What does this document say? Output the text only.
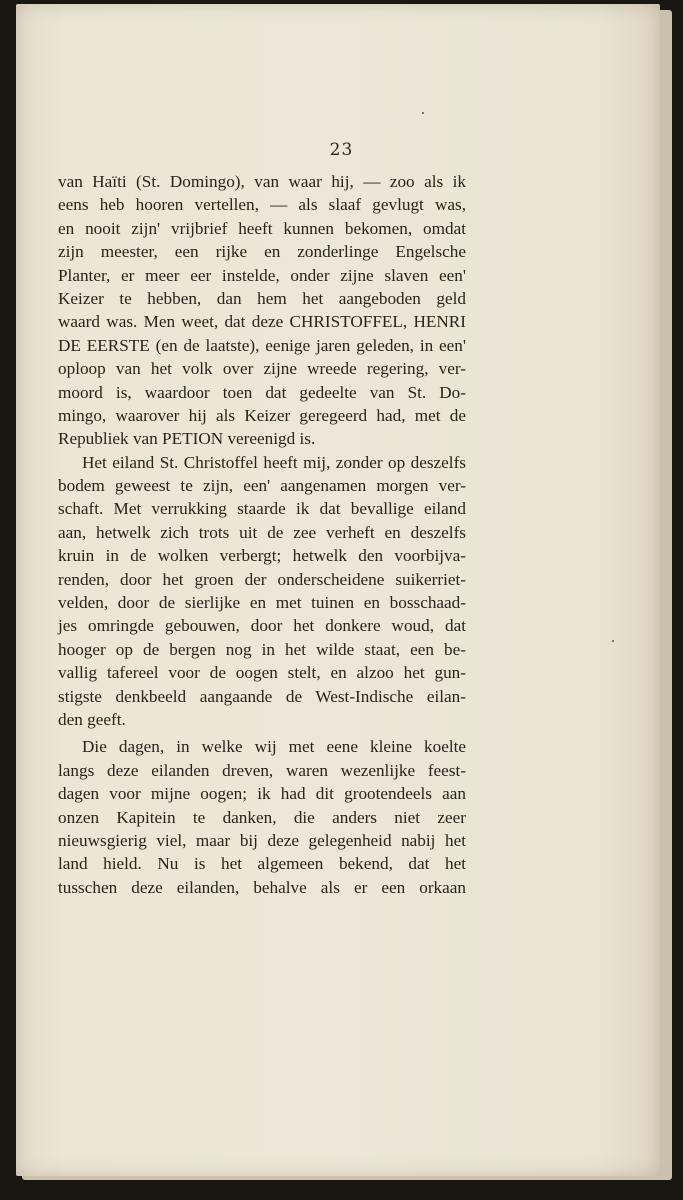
23
van Haïti (St. Domingo), van waar hij, — zoo als ik
eens heb hooren vertellen, — als slaaf gevlugt was,
en nooit zijn' vrijbrief heeft kunnen bekomen, omdat
zijn meester, een rijke en zonderlinge Engelsche
Planter, er meer eer instelde, onder zijne slaven een'
Keizer te hebben, dan hem het aangeboden geld
waard was. Men weet, dat deze CHRISTOFFEL, HENRI
DE EERSTE (en de laatste), eenige jaren geleden, in een'
oploop van het volk over zijne wreede regering, ver-
moord is, waardoor toen dat gedeelte van St. Do-
mingo, waarover hij als Keizer geregeerd had, met de
Republiek van PETION vereenigd is.
Het eiland St. Christoffel heeft mij, zonder op deszelfs
bodem geweest te zijn, een' aangenamen morgen ver-
schaft. Met verrukking staarde ik dat bevallige eiland
aan, hetwelk zich trots uit de zee verheft en deszelfs
kruin in de wolken verbergt; hetwelk den voorbijva-
renden, door het groen der onderscheidene suikerriet-
velden, door de sierlijke en met tuinen en bosschaad-
jes omringde gebouwen, door het donkere woud, dat
hooger op de bergen nog in het wilde staat, een be-
vallig tafereel voor de oogen stelt, en alzoo het gun-
stigste denkbeeld aangaande de West-Indische eilan-
den geeft.
Die dagen, in welke wij met eene kleine koelte
langs deze eilanden dreven, waren wezenlijke feest-
dagen voor mijne oogen; ik had dit grootendeels aan
onzen Kapitein te danken, die anders niet zeer
nieuwsgierig viel, maar bij deze gelegenheid nabij het
land hield. Nu is het algemeen bekend, dat het
tusschen deze eilanden, behalve als er een orkaan
